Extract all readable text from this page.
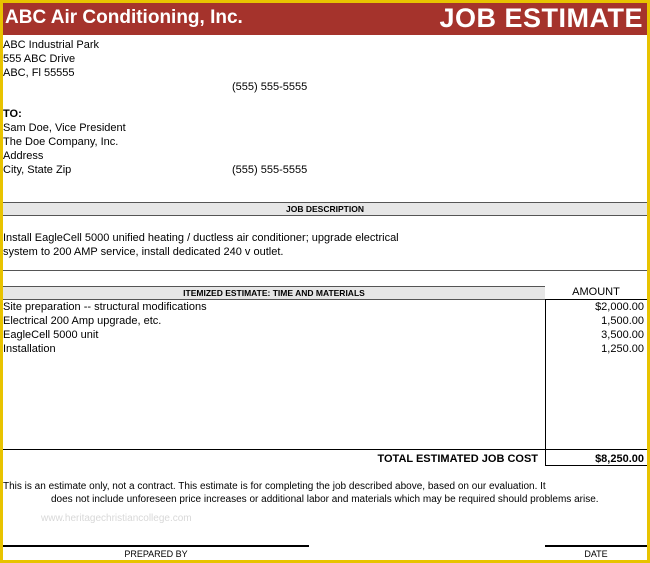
ABC Air Conditioning, Inc.	JOB ESTIMATE
ABC Industrial Park
555 ABC Drive
ABC, Fl 55555
(555) 555-5555
TO:
Sam Doe, Vice President
The Doe Company, Inc.
Address
City, State Zip	(555) 555-5555
JOB DESCRIPTION
Install EagleCell 5000 unified heating / ductless air conditioner; upgrade electrical
system to 200 AMP service, install dedicated 240 v outlet.
ITEMIZED ESTIMATE: TIME AND MATERIALS	AMOUNT
Site preparation -- structural modifications	$2,000.00
Electrical 200 Amp upgrade, etc.	1,500.00
EagleCell 5000 unit	3,500.00
Installation	1,250.00
TOTAL ESTIMATED JOB COST	$8,250.00
This is an estimate only, not a contract. This estimate is for completing the job described above, based on our evaluation. It
does not include unforeseen price increases or additional labor and materials which may be required should problems arise.
www.heritagechristiancollege.com
PREPARED BY	DATE
